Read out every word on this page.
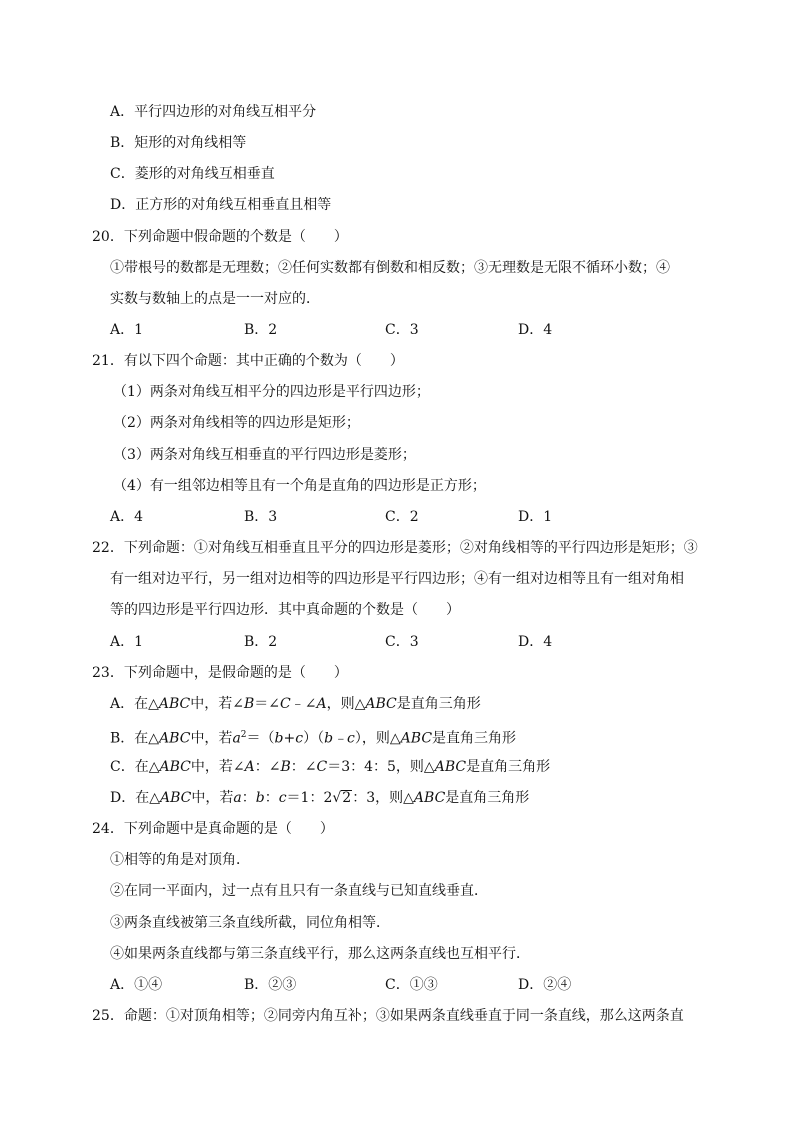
A．平行四边形的对角线互相平分
B．矩形的对角线相等
C．菱形的对角线互相垂直
D．正方形的对角线互相垂直且相等
20．下列命题中假命题的个数是（　　）
①带根号的数都是无理数；②任何实数都有倒数和相反数；③无理数是无限不循环小数；④
实数与数轴上的点是一一对应的．
A．1	B．2	C．3	D．4
21．有以下四个命题：其中正确的个数为（　　）
（1）两条对角线互相平分的四边形是平行四边形；
（2）两条对角线相等的四边形是矩形；
（3）两条对角线互相垂直的平行四边形是菱形；
（4）有一组邻边相等且有一个角是直角的四边形是正方形；
A．4	B．3	C．2	D．1
22．下列命题：①对角线互相垂直且平分的四边形是菱形；②对角线相等的平行四边形是矩形；③
有一组对边平行，另一组对边相等的四边形是平行四边形；④有一组对边相等且有一组对角相
等的四边形是平行四边形．其中真命题的个数是（　　）
A．1	B．2	C．3	D．4
23．下列命题中，是假命题的是（　　）
A．在△ABC中，若∠B＝∠C﹣∠A，则△ABC是直角三角形
B．在△ABC中，若$a^2=(b+c)(b﹣c)$，则△ABC是直角三角形
C．在△ABC中，若∠A：∠B：∠C＝3：4：5，则△ABC是直角三角形
D．在△ABC中，若a：b：c＝1：2√2：3，则△ABC是直角三角形
24．下列命题中是真命题的是（　　）
①相等的角是对顶角．
②在同一平面内，过一点有且只有一条直线与已知直线垂直．
③两条直线被第三条直线所截，同位角相等．
④如果两条直线都与第三条直线平行，那么这两条直线也互相平行．
A．①④	B．②③	C．①③	D．②④
25．命题：①对顶角相等；②同旁内角互补；③如果两条直线垂直于同一条直线，那么这两条直
